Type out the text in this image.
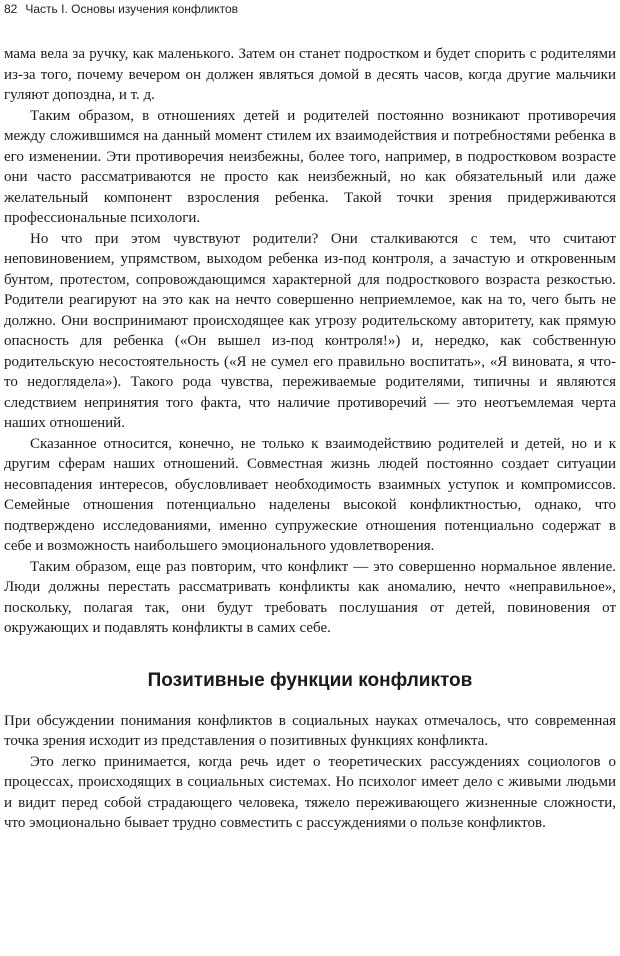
82 Часть I. Основы изучения конфликтов

мама вела за ручку, как маленького. Затем он станет подростком и будет спорить с родителями из-за того, почему вечером он должен являться домой в десять часов, когда другие мальчики гуляют допоздна, и т. д.

Таким образом, в отношениях детей и родителей постоянно возникают противоречия между сложившимся на данный момент стилем их взаимодействия и потребностями ребенка в его изменении. Эти противоречия неизбежны, более того, например, в подростковом возрасте они часто рассматриваются не просто как неизбежный, но как обязательный или даже желательный компонент взросления ребенка. Такой точки зрения придерживаются профессиональные психологи.

Но что при этом чувствуют родители? Они сталкиваются с тем, что считают неповиновением, упрямством, выходом ребенка из-под контроля, а зачастую и откровенным бунтом, протестом, сопровождающимся характерной для подросткового возраста резкостью. Родители реагируют на это как на нечто совершенно неприемлемое, как на то, чего быть не должно. Они воспринимают происходящее как угрозу родительскому авторитету, как прямую опасность для ребенка («Он вышел из-под контроля!») и, нередко, как собственную родительскую несостоятельность («Я не сумел его правильно воспитать», «Я виновата, я что-то недоглядела»). Такого рода чувства, переживаемые родителями, типичны и являются следствием непринятия того факта, что наличие противоречий — это неотъемлемая черта наших отношений.

Сказанное относится, конечно, не только к взаимодействию родителей и детей, но и к другим сферам наших отношений. Совместная жизнь людей постоянно создает ситуации несовпадения интересов, обусловливает необходимость взаимных уступок и компромиссов. Семейные отношения потенциально наделены высокой конфликтностью, однако, что подтверждено исследованиями, именно супружеские отношения потенциально содержат в себе и возможность наибольшего эмоционального удовлетворения.

Таким образом, еще раз повторим, что конфликт — это совершенно нормальное явление. Люди должны перестать рассматривать конфликты как аномалию, нечто «неправильное», поскольку, полагая так, они будут требовать послушания от детей, повиновения от окружающих и подавлять конфликты в самих себе.

Позитивные функции конфликтов

При обсуждении понимания конфликтов в социальных науках отмечалось, что современная точка зрения исходит из представления о позитивных функциях конфликта.

Это легко принимается, когда речь идет о теоретических рассуждениях социологов о процессах, происходящих в социальных системах. Но психолог имеет дело с живыми людьми и видит перед собой страдающего человека, тяжело переживающего жизненные сложности, что эмоционально бывает трудно совместить с рассуждениями о пользе конфликтов.
